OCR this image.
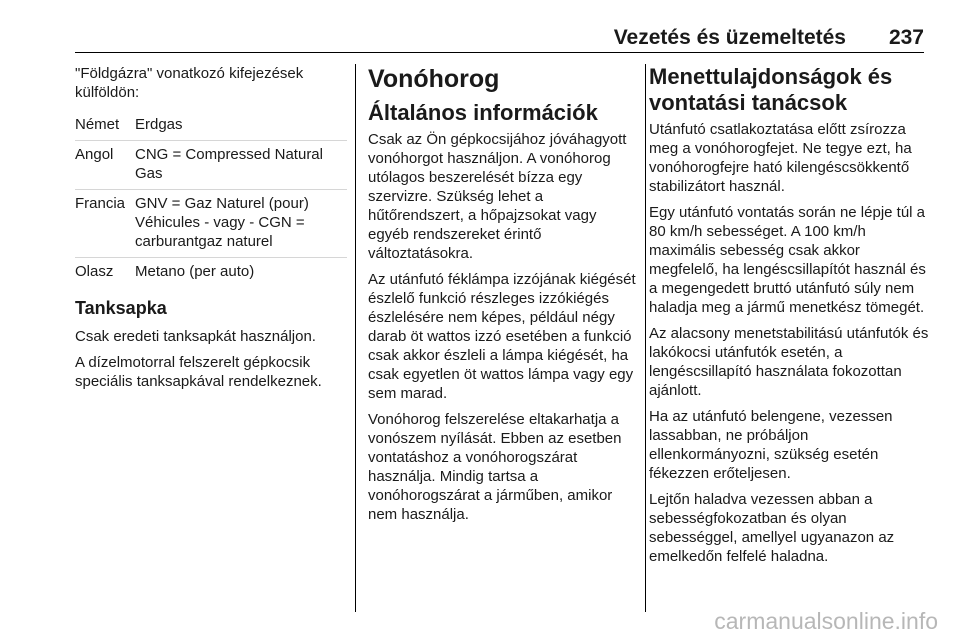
Vezetés és üzemeltetés 237

"Földgázra" vonatkozó kifejezések külföldön:

Német	Erdgas
Angol	CNG = Compressed Natural Gas
Francia	GNV = Gaz Naturel (pour) Véhicules - vagy - CGN = carburantgaz naturel
Olasz	Metano (per auto)
Tanksapka

Csak eredeti tanksapkát használjon.

A dízelmotorral felszerelt gépkocsik speciális tanksapkával rendelkeznek.

Vonóhorog
Általános információk

Csak az Ön gépkocsijához jóváhagyott vonóhorgot használjon. A vonóhorog utólagos beszerelését bízza egy szervizre. Szükség lehet a hűtőrendszert, a hőpajzsokat vagy egyéb rendszereket érintő változtatásokra.

Az utánfutó féklámpa izzójának kiégését észlelő funkció részleges izzókiégés észlelésére nem képes, például négy darab öt wattos izzó esetében a funkció csak akkor észleli a lámpa kiégését, ha csak egyetlen öt wattos lámpa vagy egy sem marad.

Vonóhorog felszerelése eltakarhatja a vonószem nyílását. Ebben az esetben vontatáshoz a vonóhorogszárat használja. Mindig tartsa a vonóhorogszárat a járműben, amikor nem használja.

Menettulajdonságok és vontatási tanácsok

Utánfutó csatlakoztatása előtt zsírozza meg a vonóhorogfejet. Ne tegye ezt, ha vonóhorogfejre ható kilengéscsökkentő stabilizátort használ.

Egy utánfutó vontatás során ne lépje túl a 80 km/h sebességet. A 100 km/h maximális sebesség csak akkor megfelelő, ha lengéscsillapítót használ és a megengedett bruttó utánfutó súly nem haladja meg a jármű menetkész tömegét.

Az alacsony menetstabilitású utánfutók és lakókocsi utánfutók esetén, a lengéscsillapító használata fokozottan ajánlott.

Ha az utánfutó belengene, vezessen lassabban, ne próbáljon ellenkormányozni, szükség esetén fékezzen erőteljesen.

Lejtőn haladva vezessen abban a sebességfokozatban és olyan sebességgel, amellyel ugyanazon az emelkedőn felfelé haladna.

carmanualsonline.info
